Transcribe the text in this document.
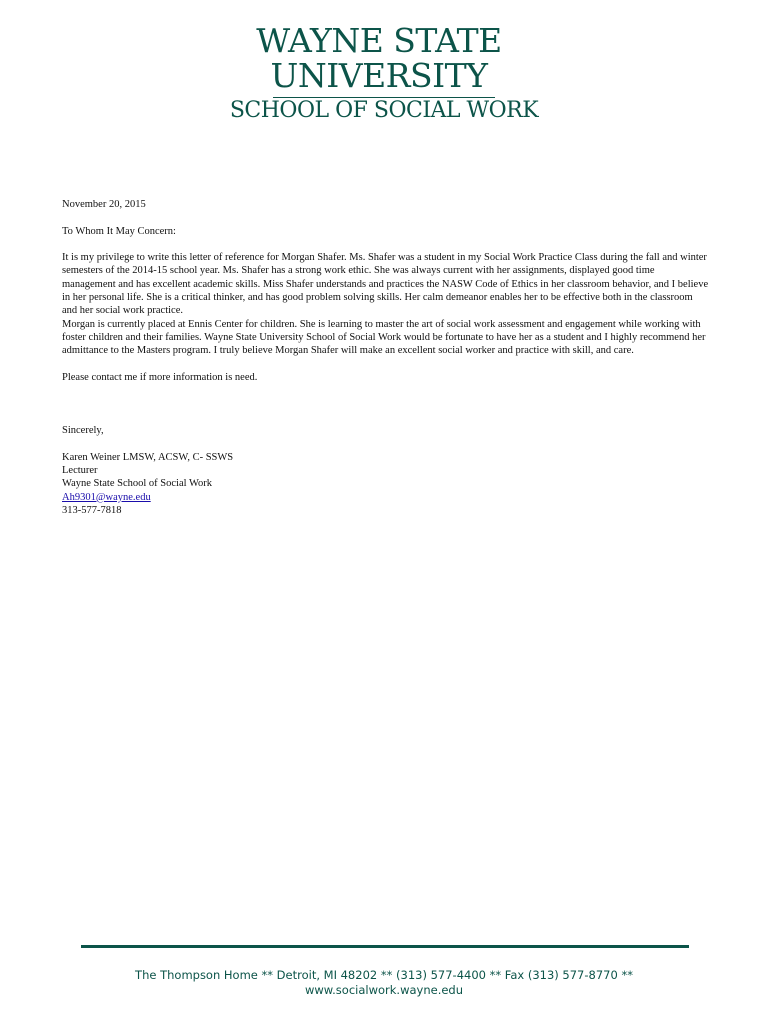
WAYNE STATE
UNIVERSITY
SCHOOL OF SOCIAL WORK

November 20, 2015

To Whom It May Concern:

It is my privilege to write this letter of reference for Morgan Shafer. Ms. Shafer was a student in my Social Work Practice Class during the fall and winter semesters of the 2014-15 school year. Ms. Shafer has a strong work ethic. She was always current with her assignments, displayed good time management and has excellent academic skills. Miss Shafer understands and practices the NASW Code of Ethics in her classroom behavior, and I believe in her personal life. She is a critical thinker, and has good problem solving skills. Her calm demeanor enables her to be effective both in the classroom and her social work practice.

Morgan is currently placed at Ennis Center for children. She is learning to master the art of social work assessment and engagement while working with foster children and their families. Wayne State University School of Social Work would be fortunate to have her as a student and I highly recommend her admittance to the Masters program. I truly believe Morgan Shafer will make an excellent social worker and practice with skill, and care.

Please contact me if more information is need.

Sincerely,

Karen Weiner LMSW, ACSW, C- SSWS

Lecturer

Wayne State School of Social Work

Ah9301@wayne.edu

313-577-7818

The Thompson Home ** Detroit, MI 48202 ** (313) 577-4400 ** Fax (313) 577-8770 **
www.socialwork.wayne.edu
